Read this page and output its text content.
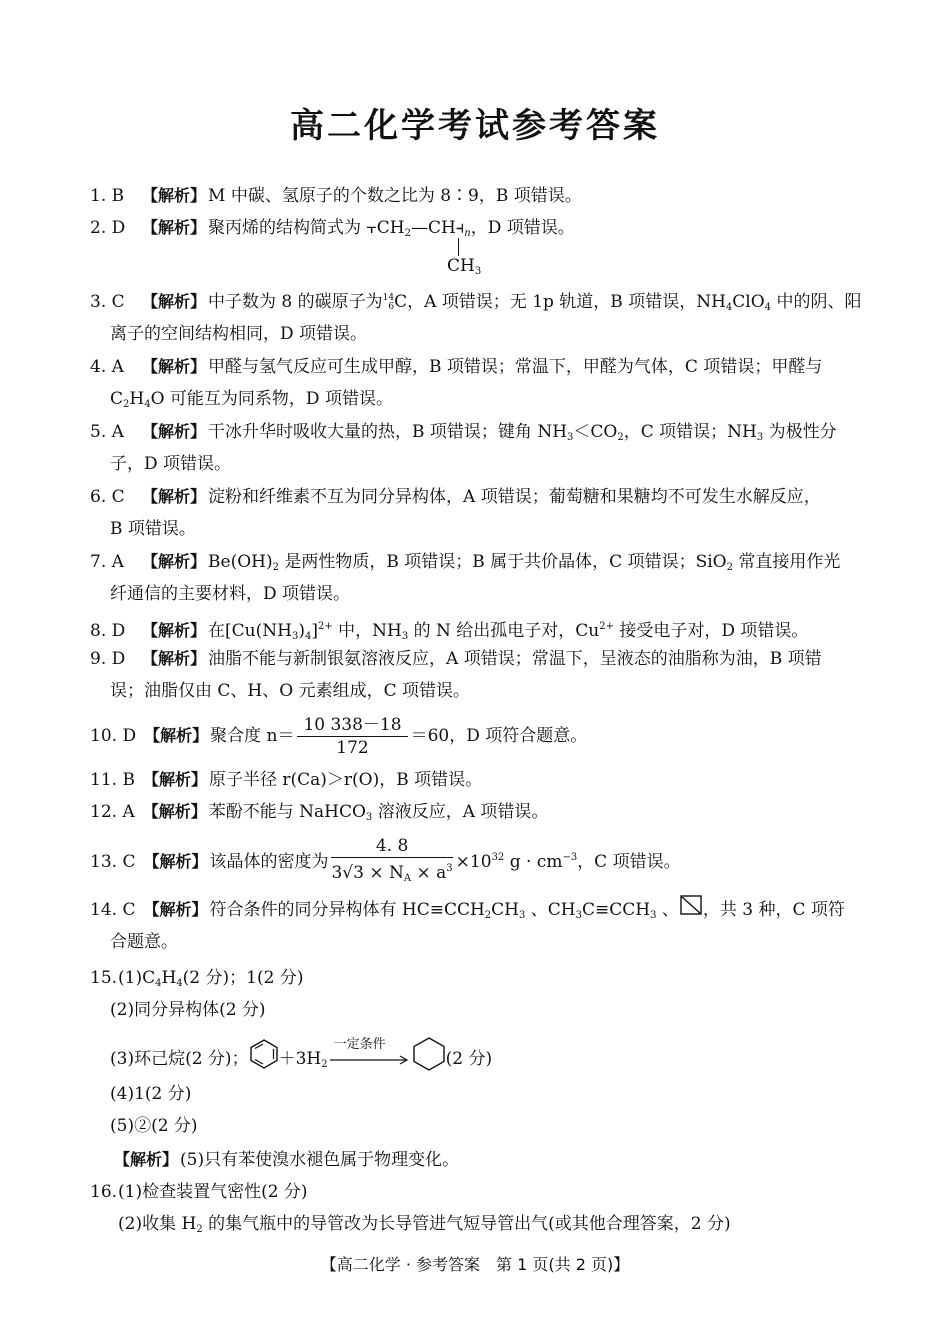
高二化学考试参考答案
1. B 【解析】 M 中碳、氢原子的个数之比为 8∶9，B 项错误。
2. D 【解析】 聚丙烯的结构简式为 $⫟CH_2—CH⫞_n$，D 项错误。
$CH_3$
3. C 【解析】 中子数为 8 的碳原子为 14
6 C，A 项错误；无 1p 轨道，B 项错误，$NH_4ClO_4$ 中的阴、阳
离子的空间结构相同，D 项错误。
4. A 【解析】 甲醛与氢气反应可生成甲醇，B 项错误；常温下，甲醛为气体，C 项错误；甲醛与
$C_2H_4O$ 可能互为同系物，D 项错误。
5. A 【解析】 干冰升华时吸收大量的热，B 项错误；键角 $NH_3<CO_2$，C 项错误；$NH_3$ 为极性分
子，D 项错误。
6. C 【解析】 淀粉和纤维素不互为同分异构体，A 项错误；葡萄糖和果糖均不可发生水解反应，
B 项错误。
7. A 【解析】 $Be(OH)_2$ 是两性物质，B 项错误；B 属于共价晶体，C 项错误；SiO$_2$ 常直接用作光
纤通信的主要材料，D 项错误。
8. D 【解析】 在$[Cu(NH_3)_4]^{2+}$ 中，$NH_3$ 的 N 给出孤电子对，$Cu^{2+}$ 接受电子对，D 项错误。
9. D 【解析】 油脂不能与新制银氨溶液反应，A 项错误；常温下，呈液态的油脂称为油，B 项错
误；油脂仅由 C、H、O 元素组成，C 项错误。
10. D 【解析】 聚合度 $n= \frac{10 338-18}{172} =60$，D 项符合题意。
11. B 【解析】 原子半径 r(Ca)＞r(O)，B 项错误。
12. A 【解析】 苯酚不能与 NaHCO$_3$ 溶液反应，A 项错误。
13. C 【解析】 该晶体的密度为 $\frac{4. 8}{3√3 \times N_A \times a^3} \times 10^{32}$ $g \cdot cm^{-3}$，C 项错误。
14. C 【解析】 符合条件的同分异构体有 $HC\equiv CCH_2CH_3$ 、$CH_3C\equiv CCH_3$ 、 ，共 3 种，C 项符
合题意。
$15.(1)C_4H_4(2$ 分)；1(2 分)
(2)同分异构体(2 分)
(3)环己烷(2 分)； $+3H_2$
一定条件
(2 分)
(4)1(2 分)
(5)②(2 分)
【解析】 (5)只有苯使溴水褪色属于物理变化。
16.(1)检查装置气密性(2 分)
(2)收集 $H_2$ 的集气瓶中的导管改为长导管进气短导管出气(或其他合理答案，2 分)
【高二化学 · 参考答案　第 1 页(共 2 页)】
